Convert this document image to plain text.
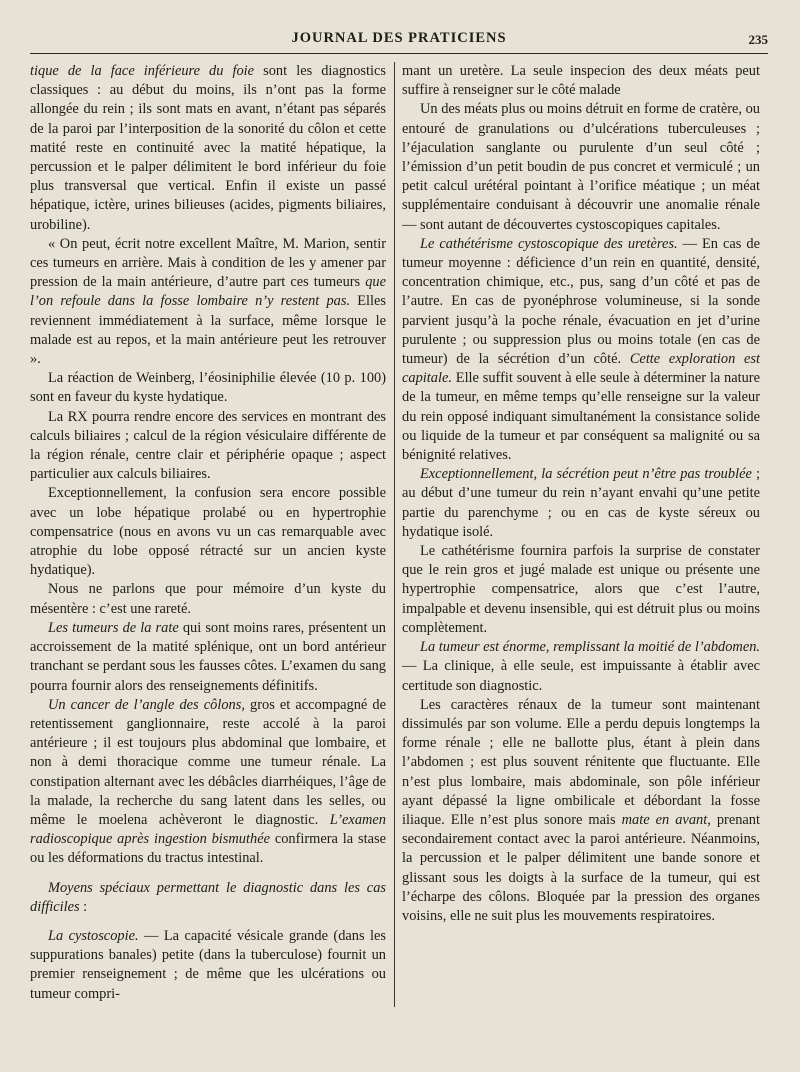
JOURNAL DES PRATICIENS	235

tique de la face inférieure du foie sont les diagnostics classiques : au début du moins, ils n’ont pas la forme allongée du rein ; ils sont mats en avant, n’étant pas séparés de la paroi par l’interposition de la sonorité du côlon et cette matité reste en continuité avec la matité hépatique, la percussion et le palper délimitent le bord inférieur du foie plus transversal que vertical. Enfin il existe un passé hépatique, ictère, urines bilieuses (acides, pigments biliaires, urobiline).

« On peut, écrit notre excellent Maître, M. Marion, sentir ces tumeurs en arrière. Mais à condition de les y amener par pression de la main antérieure, d’autre part ces tumeurs que l’on refoule dans la fosse lombaire n’y restent pas. Elles reviennent immédiatement à la surface, même lorsque le malade est au repos, et la main antérieure peut les retrouver ».

La réaction de Weinberg, l’éosiniphilie élevée (10 p. 100) sont en faveur du kyste hydatique.

La RX pourra rendre encore des services en montrant des calculs biliaires ; calcul de la région vésiculaire différente de la région rénale, centre clair et périphérie opaque ; aspect particulier aux calculs biliaires.

Exceptionnellement, la confusion sera encore possible avec un lobe hépatique prolabé ou en hypertrophie compensatrice (nous en avons vu un cas remarquable avec atrophie du lobe opposé rétracté sur un ancien kyste hydatique).

Nous ne parlons que pour mémoire d’un kyste du mésentère : c’est une rareté.

Les tumeurs de la rate qui sont moins rares, présentent un accroissement de la matité splénique, ont un bord antérieur tranchant se perdant sous les fausses côtes. L’examen du sang pourra fournir alors des renseignements définitifs.

Un cancer de l’angle des côlons, gros et accompagné de retentissement ganglionnaire, reste accolé à la paroi antérieure ; il est toujours plus abdominal que lombaire, et non à demi thoracique comme une tumeur rénale. La constipation alternant avec les débâcles diarrhéiques, l’âge de la malade, la recherche du sang latent dans les selles, ou même le moelena achèveront le diagnostic. L’examen radioscopique après ingestion bismuthée confirmera la stase ou les déformations du tractus intestinal.

Moyens spéciaux permettant le diagnostic dans les cas difficiles :

La cystoscopie. — La capacité vésicale grande (dans les suppurations banales) petite (dans la tuberculose) fournit un premier renseignement ; de même que les ulcérations ou tumeur compri-

mant un uretère. La seule inspecion des deux méats peut suffire à renseigner sur le côté malade

Un des méats plus ou moins détruit en forme de cratère, ou entouré de granulations ou d’ulcérations tuberculeuses ; l’éjaculation sanglante ou purulente d’un seul côté ; l’émission d’un petit boudin de pus concret et vermiculé ; un petit calcul urétéral pointant à l’orifice méatique ; un méat supplémentaire conduisant à découvrir une anomalie rénale — sont autant de découvertes cystoscopiques capitales.

Le cathétérisme cystoscopique des uretères. — En cas de tumeur moyenne : déficience d’un rein en quantité, densité, concentration chimique, etc., pus, sang d’un côté et pas de l’autre. En cas de pyonéphrose volumineuse, si la sonde parvient jusqu’à la poche rénale, évacuation en jet d’urine purulente ; ou suppression plus ou moins totale (en cas de tumeur) de la sécrétion d’un côté. Cette exploration est capitale. Elle suffit souvent à elle seule à déterminer la nature de la tumeur, en même temps qu’elle renseigne sur la valeur du rein opposé indiquant simultanément la consistance solide ou liquide de la tumeur et par conséquent sa malignité ou sa bénignité relatives.

Exceptionnellement, la sécrétion peut n’être pas troublée ; au début d’une tumeur du rein n’ayant envahi qu’une petite partie du parenchyme ; ou en cas de kyste séreux ou hydatique isolé.

Le cathétérisme fournira parfois la surprise de constater que le rein gros et jugé malade est unique ou présente une hypertrophie compensatrice, alors que c’est l’autre, impalpable et devenu insensible, qui est détruit plus ou moins complètement.

La tumeur est énorme, remplissant la moitié de l’abdomen. — La clinique, à elle seule, est impuissante à établir avec certitude son diagnostic.

Les caractères rénaux de la tumeur sont maintenant dissimulés par son volume. Elle a perdu depuis longtemps la forme rénale ; elle ne ballotte plus, étant à plein dans l’abdomen ; est plus souvent rénitente que fluctuante. Elle n’est plus lombaire, mais abdominale, son pôle inférieur ayant dépassé la ligne ombilicale et débordant la fosse iliaque. Elle n’est plus sonore mais mate en avant, prenant secondairement contact avec la paroi antérieure. Néanmoins, la percussion et le palper délimitent une bande sonore et glissant sous les doigts à la surface de la tumeur, qui est l’écharpe des côlons. Bloquée par la pression des organes voisins, elle ne suit plus les mouvements respiratoires.
